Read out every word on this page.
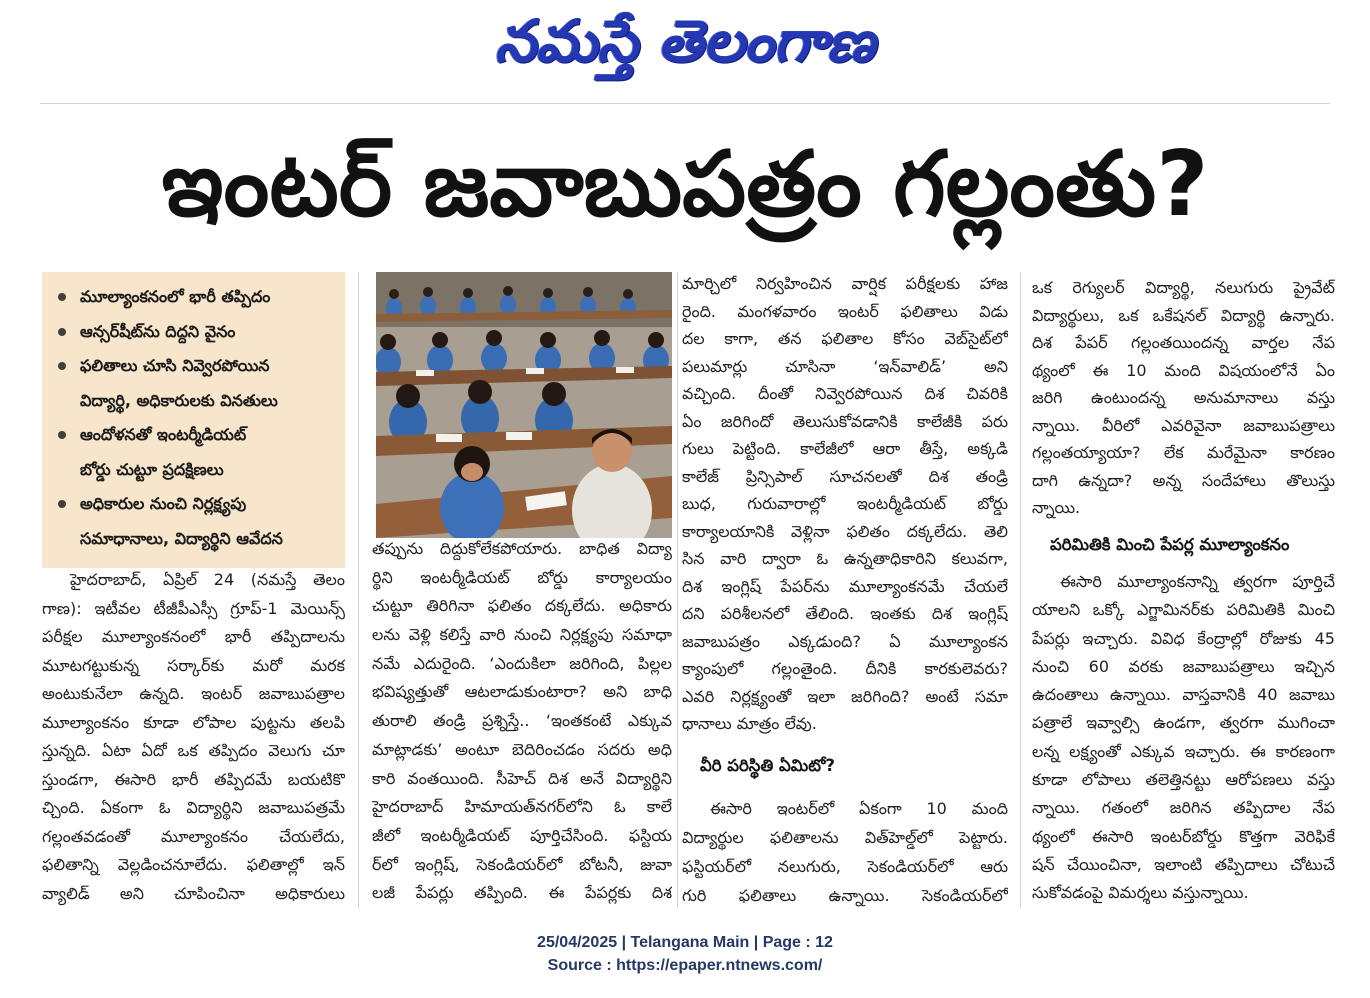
నమస్తే తెలంగాణ
ఇంటర్ జవాబుపత్రం గల్లంతు?
మూల్యాంకనంలో భారీ తప్పిదం
ఆన్సర్‌షీట్‌ను దిద్దని వైనం
ఫలితాలు చూసి నివ్వెరపోయిన
విద్యార్థి, అధికారులకు వినతులు
ఆందోళనతో ఇంటర్మీడియట్
బోర్డు చుట్టూ ప్రదక్షిణలు
అధికారుల నుంచి నిర్లక్ష్యపు
సమాధానాలు, విద్యార్థిని ఆవేదన
హైదరాబాద్, ఏప్రిల్ 24 (నమస్తే తెలం
గాణ): ఇటీవల టీజీపీఎస్సీ గ్రూప్-1 మెయిన్స్
పరీక్షల మూల్యాంకనంలో భారీ తప్పిదాలను
మూటగట్టుకున్న సర్కార్‌కు మరో మరక
అంటుకునేలా ఉన్నది. ఇంటర్ జవాబుపత్రాల
మూల్యాంకనం కూడా లోపాల పుట్టను తలపి
స్తున్నది. ఏటా ఏదో ఒక తప్పిదం వెలుగు చూ
స్తుండగా, ఈసారి భారీ తప్పిదమే బయటికొ
చ్చింది. ఏకంగా ఓ విద్యార్థిని జవాబుపత్రమే
గల్లంతవడంతో మూల్యాంకనం చేయలేదు,
ఫలితాన్ని వెల్లడించనూలేదు. ఫలితాల్లో ఇన్
వ్యాలిడ్ అని చూపించినా అధికారులు
తప్పును దిద్దుకోలేకపోయారు. బాధిత విద్యా
ర్థిని ఇంటర్మీడియట్ బోర్డు కార్యాలయం
చుట్టూ తిరిగినా ఫలితం దక్కలేదు. అధికారు
లను వెళ్లి కలిస్తే వారి నుంచి నిర్లక్ష్యపు సమాధా
నమే ఎదురైంది. ‘ఎందుకిలా జరిగింది, పిల్లల
భవిష్యత్తుతో ఆటలాడుకుంటారా? అని బాధి
తురాలి తండ్రి ప్రశ్నిస్తే.. ‘ఇంతకంటే ఎక్కువ
మాట్లాడకు’ అంటూ బెదిరించడం సదరు అధి
కారి వంతయింది. సీహెచ్ దిశ అనే విద్యార్థిని
హైదరాబాద్ హిమాయత్‌నగర్‌లోని ఓ కాలే
జీలో ఇంటర్మీడియట్ పూర్తిచేసింది. ఫస్టియ
ర్‌లో ఇంగ్లిష్, సెకండియర్‌లో బోటనీ, జువా
లజీ పేపర్లు తప్పింది. ఈ పేపర్లకు దిశ
మార్చిలో నిర్వహించిన వార్షిక పరీక్షలకు హాజ
రైంది. మంగళవారం ఇంటర్ ఫలితాలు విడు
దల కాగా, తన ఫలితాల కోసం వెబ్‌సైట్‌లో
పలుమార్లు చూసినా ‘ఇన్‌వాలిడ్’ అని
వచ్చింది. దీంతో నివ్వెరపోయిన దిశ చివరికి
ఏం జరిగిందో తెలుసుకోవడానికి కాలేజీకి పరు
గులు పెట్టింది. కాలేజీలో ఆరా తీస్తే, అక్కడి
కాలేజ్ ప్రిన్సిపాల్ సూచనలతో దిశ తండ్రి
బుధ, గురువారాల్లో ఇంటర్మీడియట్ బోర్డు
కార్యాలయానికి వెళ్లినా ఫలితం దక్కలేదు. తెలి
సిన వారి ద్వారా ఓ ఉన్నతాధికారిని కలువగా,
దిశ ఇంగ్లిష్ పేపర్‌ను మూల్యాంకనమే చేయలే
దని పరిశీలనలో తేలింది. ఇంతకు దిశ ఇంగ్లిష్
జవాబుపత్రం ఎక్కడుంది? ఏ మూల్యాంకన
క్యాంపులో గల్లంతైంది. దీనికి కారకులెవరు?
ఎవరి నిర్లక్ష్యంతో ఇలా జరిగింది? అంటే సమా
ధానాలు మాత్రం లేవు.
వీరి పరిస్థితి ఏమిటో?
ఈసారి ఇంటర్‌లో ఏకంగా 10 మంది
విద్యార్థుల ఫలితాలను విత్‌హెల్డ్‌లో పెట్టారు.
ఫస్టియర్‌లో నలుగురు, సెకండియర్‌లో ఆరు
గురి ఫలితాలు ఉన్నాయి. సెకండియర్‌లో
ఒక రెగ్యులర్ విద్యార్థి, నలుగురు ప్రైవేట్
విద్యార్థులు, ఒక ఒకేషనల్ విద్యార్థి ఉన్నారు.
దిశ పేపర్ గల్లంతయిందన్న వార్తల నేప
థ్యంలో ఈ 10 మంది విషయంలోనే ఏం
జరిగి ఉంటుందన్న అనుమానాలు వస్తు
న్నాయి. వీరిలో ఎవరివైనా జవాబుపత్రాలు
గల్లంతయ్యాయా? లేక మరేమైనా కారణం
దాగి ఉన్నదా? అన్న సందేహాలు తొలుస్తు
న్నాయి.
పరిమితికి మించి పేపర్ల మూల్యాంకనం
ఈసారి మూల్యాంకనాన్ని త్వరగా పూర్తిచే
యాలని ఒక్కో ఎగ్జామినర్‌కు పరిమితికి మించి
పేపర్లు ఇచ్చారు. వివిధ కేంద్రాల్లో రోజుకు 45
నుంచి 60 వరకు జవాబుపత్రాలు ఇచ్చిన
ఉదంతాలు ఉన్నాయి. వాస్తవానికి 40 జవాబు
పత్రాలే ఇవ్వాల్సి ఉండగా, త్వరగా ముగించా
లన్న లక్ష్యంతో ఎక్కువ ఇచ్చారు. ఈ కారణంగా
కూడా లోపాలు తలెత్తినట్టు ఆరోపణలు వస్తు
న్నాయి. గతంలో జరిగిన తప్పిదాల నేప
థ్యంలో ఈసారి ఇంటర్‌బోర్డు కొత్తగా వెరిఫికే
షన్ చేయించినా, ఇలాంటి తప్పిదాలు చోటుచే
సుకోవడంపై విమర్శలు వస్తున్నాయి.
25/04/2025 | Telangana Main | Page : 12
Source : https://epaper.ntnews.com/
